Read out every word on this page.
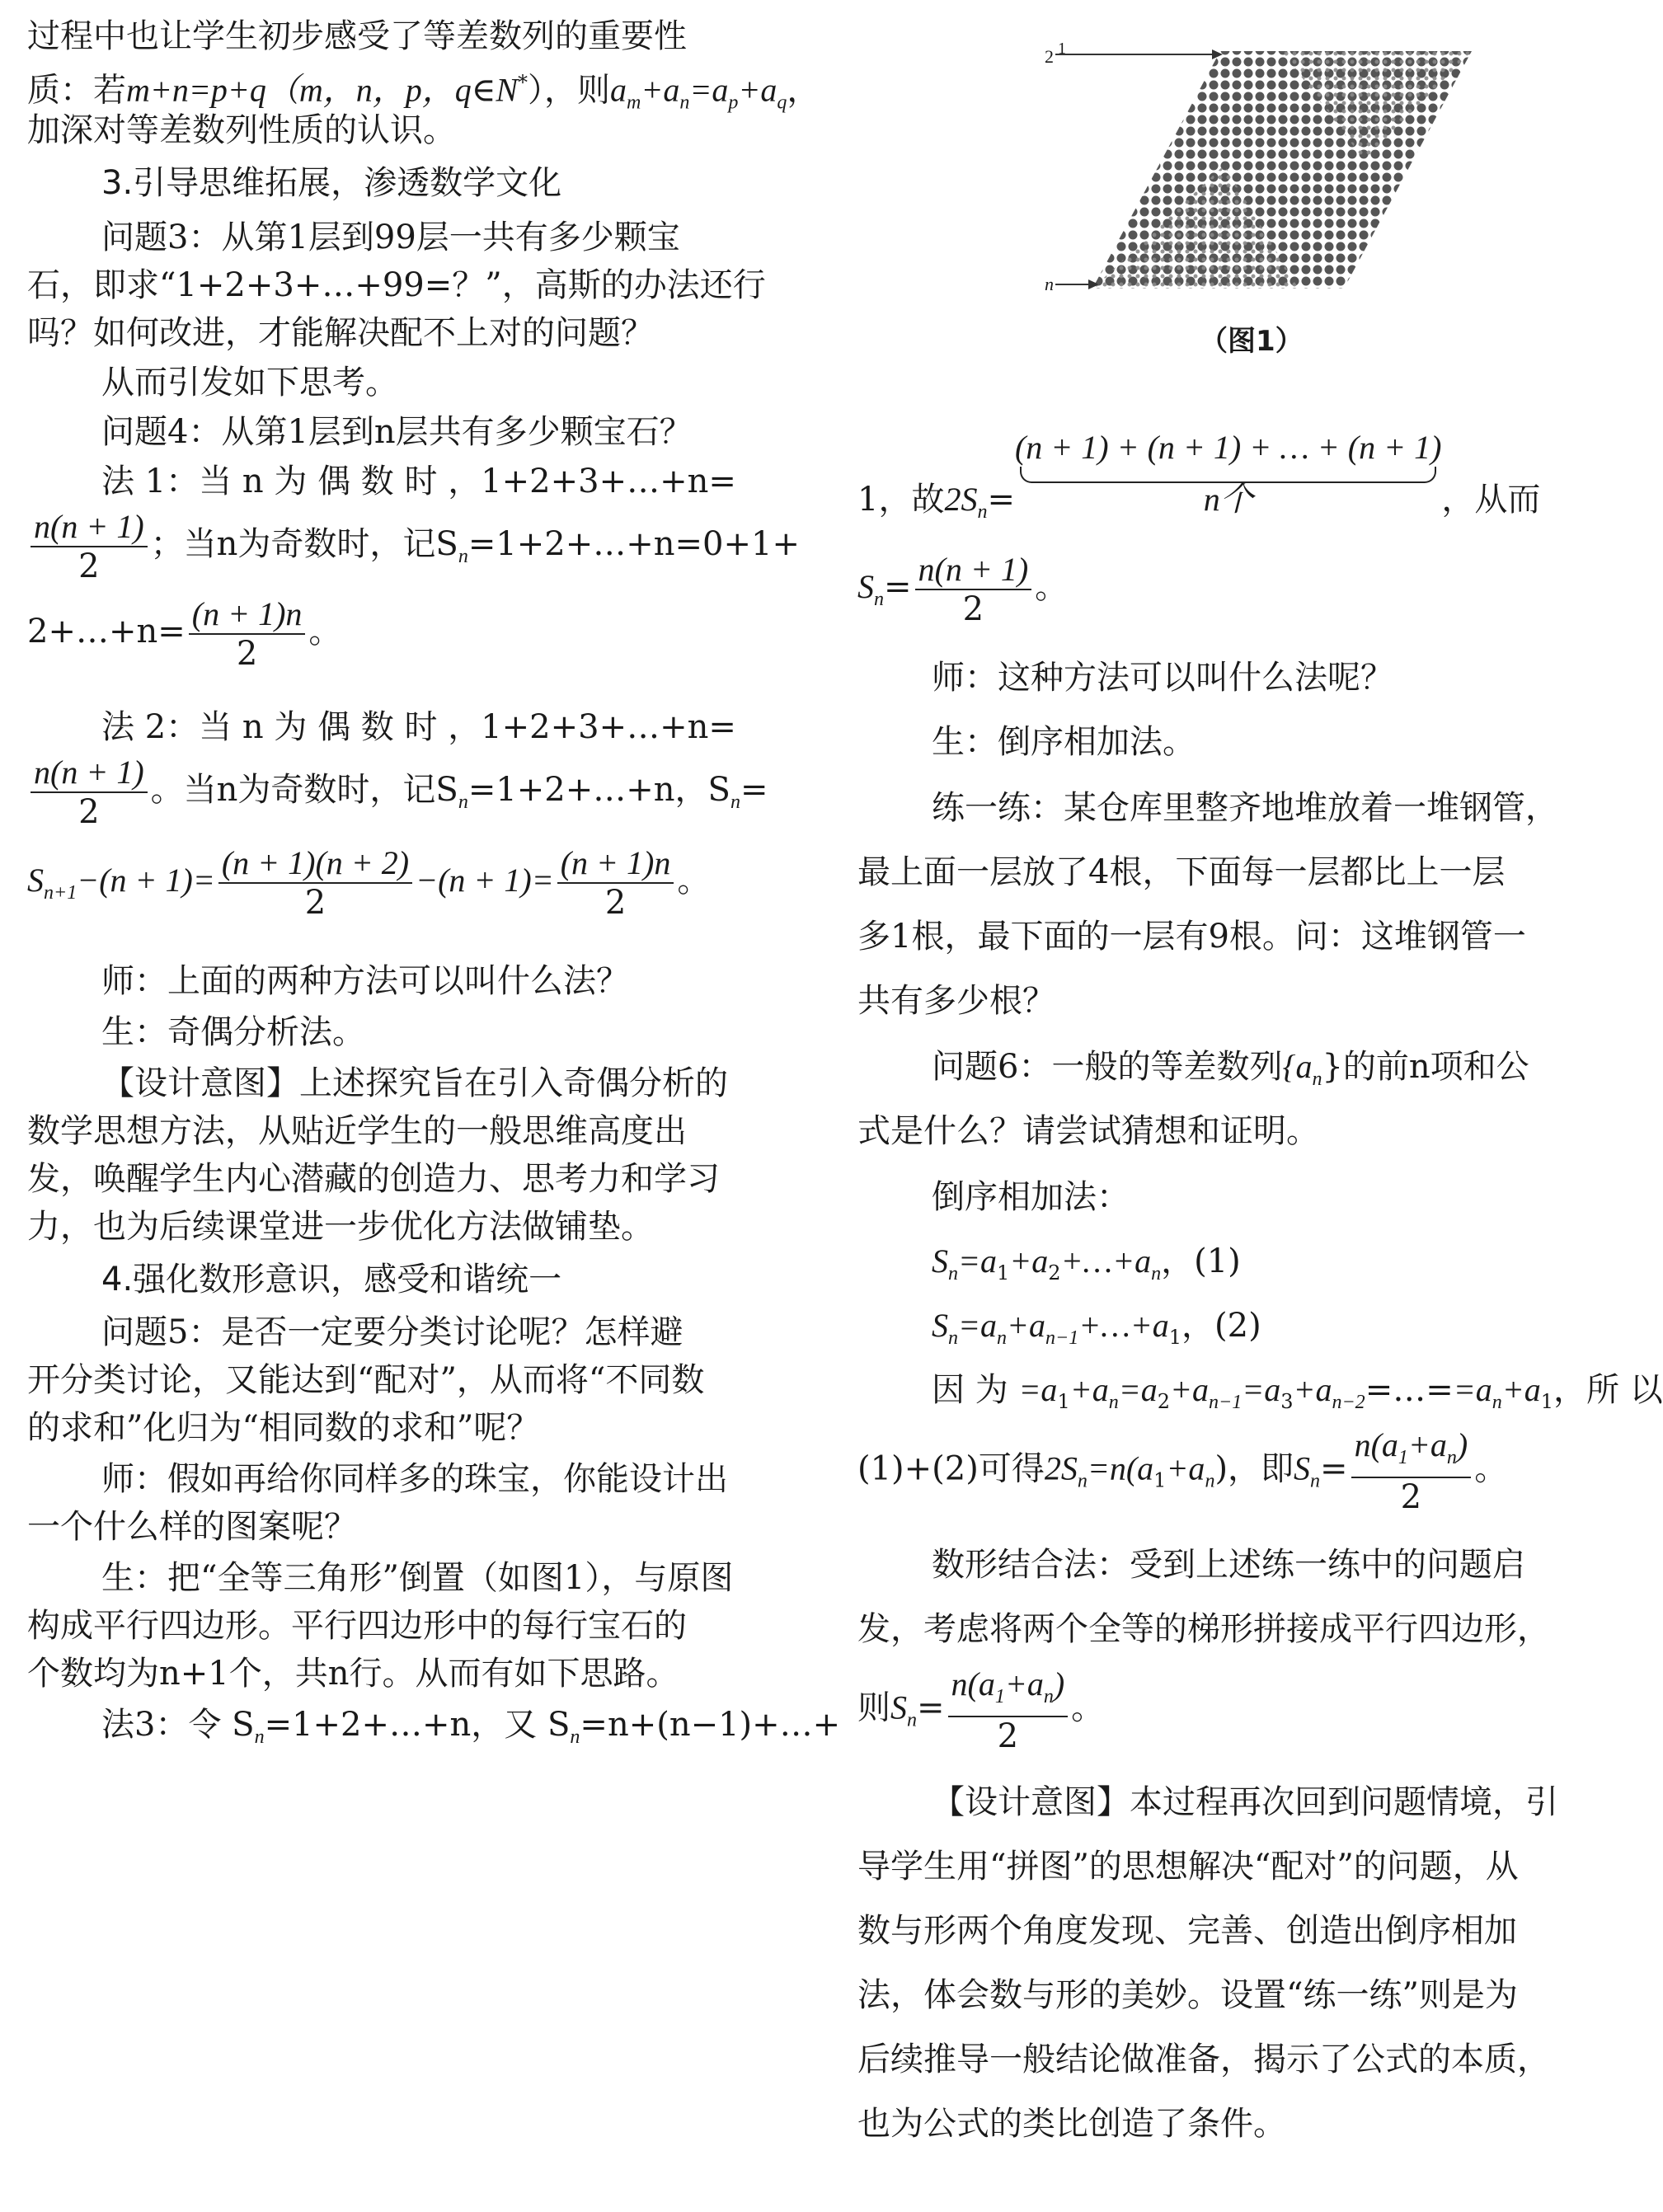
过程中也让学生初步感受了等差数列的重要性
质：若m+n=p+q（m，n，p，q∈N*），则$a_m+a_n=a_p+a_q$，
加深对等差数列性质的认识。
3.引导思维拓展，渗透数学文化
问题3：从第1层到99层一共有多少颗宝
石，即求“1+2+3+…+99=？”，高斯的办法还行
吗？如何改进，才能解决配不上对的问题？
从而引发如下思考。
问题4：从第1层到n层共有多少颗宝石？
法 1：当 n 为 偶 数 时 ，1+2+3+…+n=
$\frac{n(n + 1)}{2}$ ；当n为奇数时，记$S_n=1+2+\dots+n=0+1+$
2+…+n= $\frac{(n + 1)n}{2}$ 。
法 2：当 n 为 偶 数 时 ，1+2+3+…+n=
$\frac{n(n + 1)}{2}$ 。当n为奇数时，记$S_n=1+2+\dots+n$，$S_n=$
$S_{n+1}-(n + 1)= \frac{(n + 1)(n + 2)}{2} -(n + 1)= \frac{(n + 1)n}{2}$ 。
师：上面的两种方法可以叫什么法？
生：奇偶分析法。
【设计意图】上述探究旨在引入奇偶分析的
数学思想方法，从贴近学生的一般思维高度出
发，唤醒学生内心潜藏的创造力、思考力和学习
力，也为后续课堂进一步优化方法做铺垫。
4.强化数形意识，感受和谐统一
问题5：是否一定要分类讨论呢？怎样避
开分类讨论，又能达到“配对”，从而将“不同数
的求和”化归为“相同数的求和”呢？
师：假如再给你同样多的珠宝，你能设计出
一个什么样的图案呢？
生：把“全等三角形”倒置（如图1），与原图
构成平行四边形。平行四边形中的每行宝石的
个数均为n+1个，共n行。从而有如下思路。
法3：令 $S_n=1+2+\dots+n$，又 $S_n=n+(n-1)+\dots+$
2 1
n
（图1）
1，故$2S_n=$
(n + 1) + (n + 1) + … + (n + 1)
n个	，从而
$S_n= \frac{n(n + 1)}{2}$ 。
师：这种方法可以叫什么法呢？
生：倒序相加法。
练一练：某仓库里整齐地堆放着一堆钢管，
最上面一层放了4根，下面每一层都比上一层
多1根，最下面的一层有9根。问：这堆钢管一
共有多少根？
问题6：一般的等差数列$\{a_n\}$的前n项和公
式是什么？请尝试猜想和证明。
倒序相加法：
$S_n=a_1+a_2+\dots+a_n$，(1)
$S_n=a_n+a_{n-1}+\dots+a_1$，(2)
因 为 $=a_1+a_n=a_2+a_{n-1}=a_3+a_{n-2}=\dots==a_n+a_1$，所 以
(1)+(2)可得$2S_n=n(a_1+a_n)$，即$S_n= \frac{n(a_1+a_n)}{2}$ 。
数形结合法：受到上述练一练中的问题启
发，考虑将两个全等的梯形拼接成平行四边形，
则$S_n= \frac{n(a_1+a_n)}{2}$ 。
【设计意图】本过程再次回到问题情境，引
导学生用“拼图”的思想解决“配对”的问题，从
数与形两个角度发现、完善、创造出倒序相加
法，体会数与形的美妙。设置“练一练”则是为
后续推导一般结论做准备，揭示了公式的本质，
也为公式的类比创造了条件。
